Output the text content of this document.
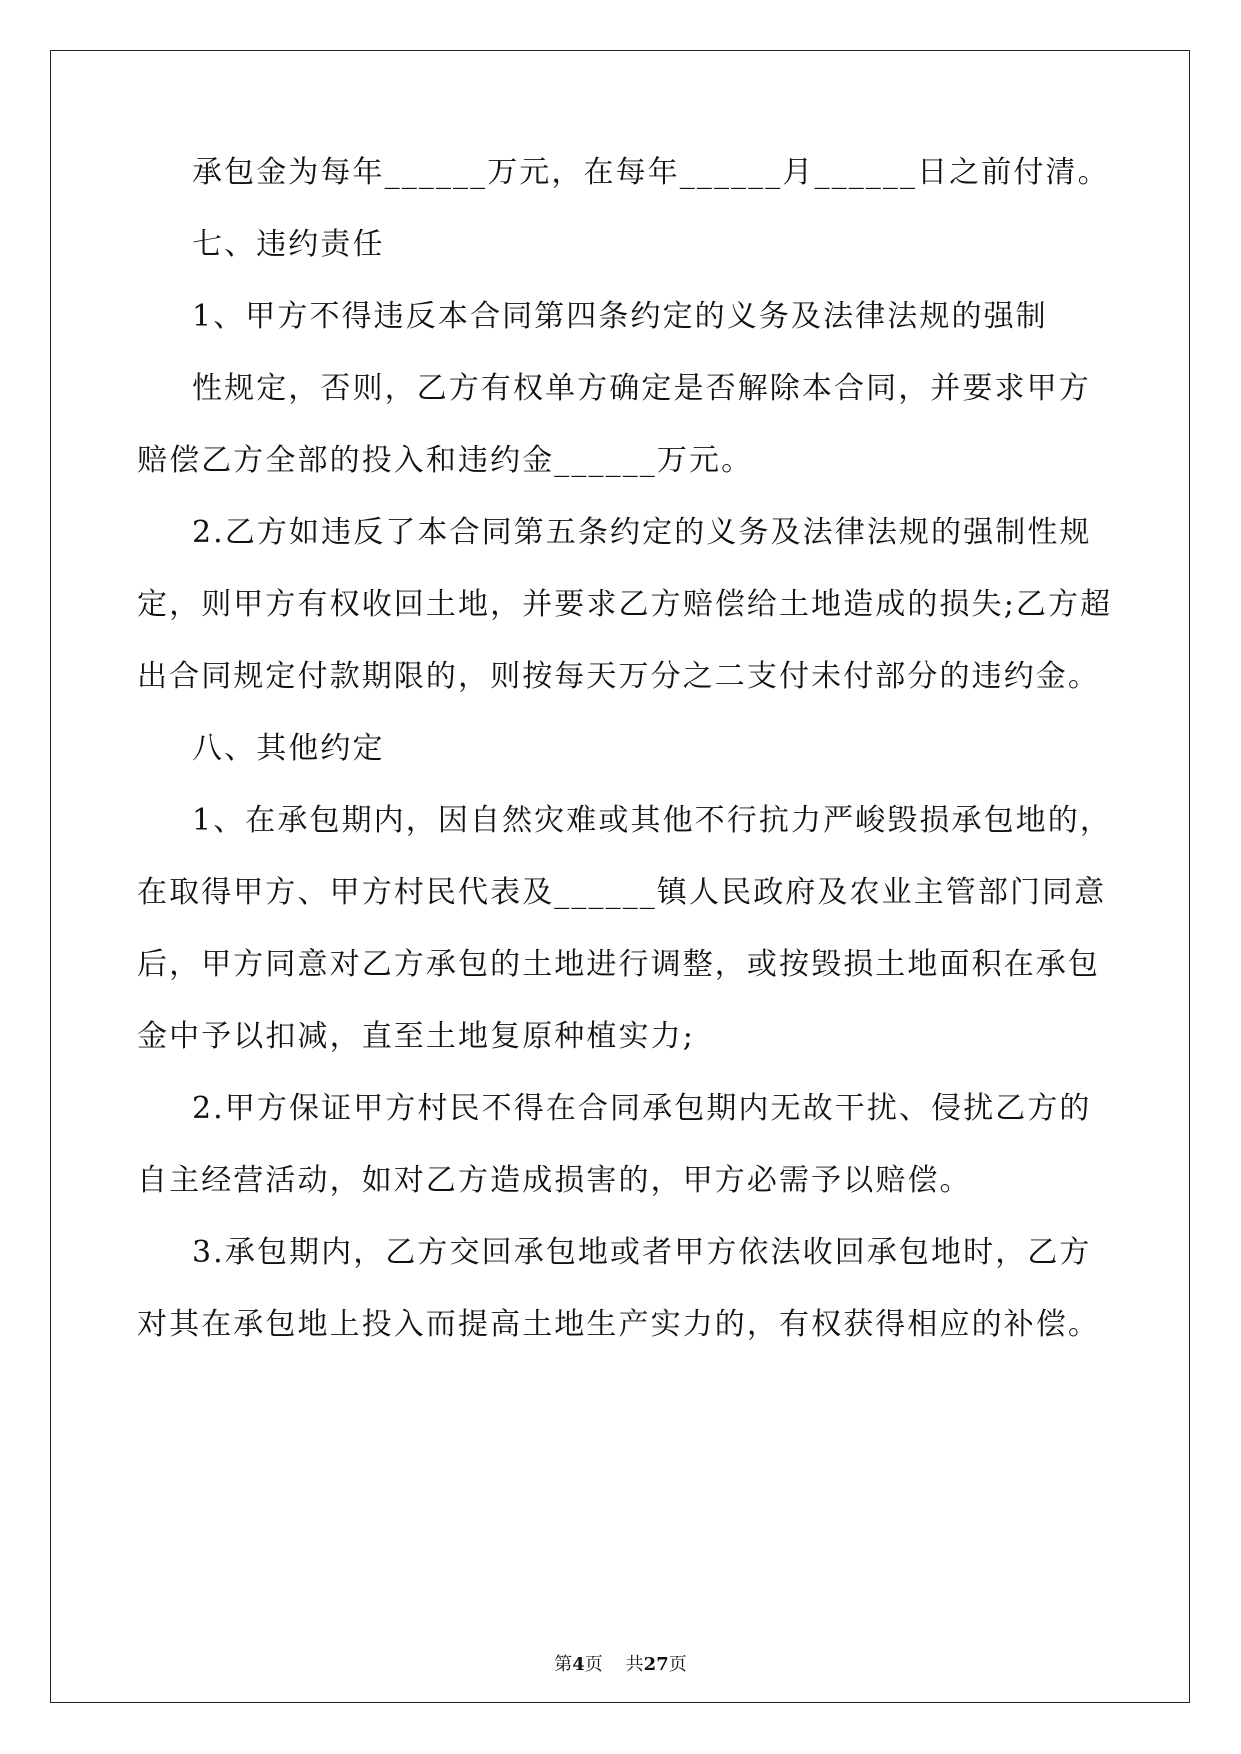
承包金为每年______万元，在每年______月______日之前付清。
七、违约责任
1、甲方不得违反本合同第四条约定的义务及法律法规的强制
性规定，否则，乙方有权单方确定是否解除本合同，并要求甲方
赔偿乙方全部的投入和违约金______万元。
2.乙方如违反了本合同第五条约定的义务及法律法规的强制性规
定，则甲方有权收回土地，并要求乙方赔偿给土地造成的损失;乙方超
出合同规定付款期限的，则按每天万分之二支付未付部分的违约金。
八、其他约定
1、在承包期内，因自然灾难或其他不行抗力严峻毁损承包地的，
在取得甲方、甲方村民代表及______镇人民政府及农业主管部门同意
后，甲方同意对乙方承包的土地进行调整，或按毁损土地面积在承包
金中予以扣减，直至土地复原种植实力;
2.甲方保证甲方村民不得在合同承包期内无故干扰、侵扰乙方的
自主经营活动，如对乙方造成损害的，甲方必需予以赔偿。
3.承包期内，乙方交回承包地或者甲方依法收回承包地时，乙方
对其在承包地上投入而提高土地生产实力的，有权获得相应的补偿。
第4页 共27页
